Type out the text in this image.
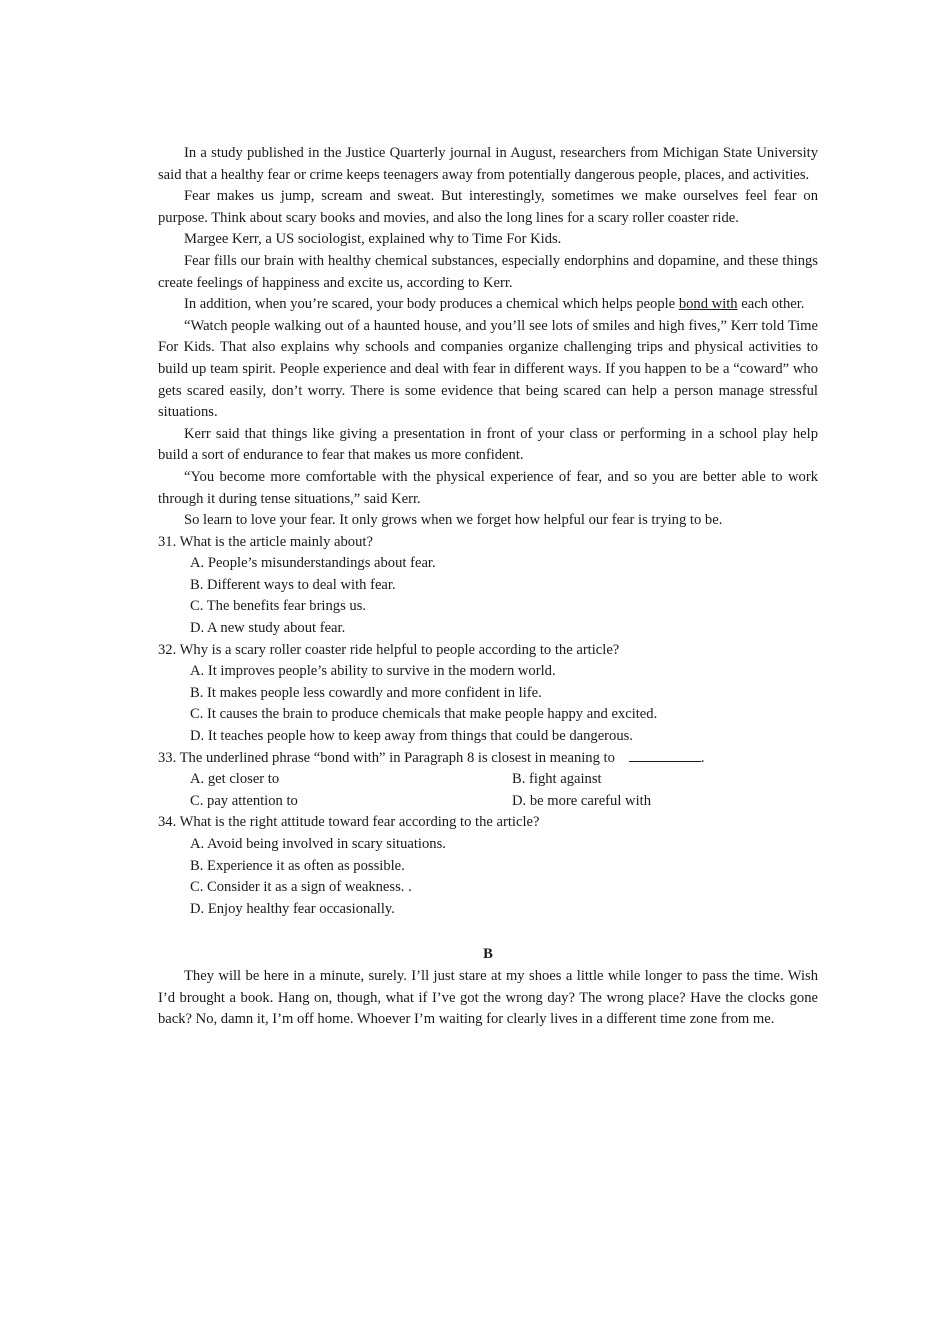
In a study published in the Justice Quarterly journal in August, researchers from Michigan State University said that a healthy fear or crime keeps teenagers away from potentially dangerous people, places, and activities.

Fear makes us jump, scream and sweat. But interestingly, sometimes we make ourselves feel fear on purpose. Think about scary books and movies, and also the long lines for a scary roller coaster ride.

Margee Kerr, a US sociologist, explained why to Time For Kids.

Fear fills our brain with healthy chemical substances, especially endorphins and dopamine, and these things create feelings of happiness and excite us, according to Kerr.

In addition, when you’re scared, your body produces a chemical which helps people bond with each other.

“Watch people walking out of a haunted house, and you’ll see lots of smiles and high fives,” Kerr told Time For Kids. That also explains why schools and companies organize challenging trips and physical activities to build up team spirit. People experience and deal with fear in different ways. If you happen to be a “coward” who gets scared easily, don’t worry. There is some evidence that being scared can help a person manage stressful situations.

Kerr said that things like giving a presentation in front of your class or performing in a school play help build a sort of endurance to fear that makes us more confident.

“You become more comfortable with the physical experience of fear, and so you are better able to work through it during tense situations,” said Kerr.

So learn to love your fear. It only grows when we forget how helpful our fear is trying to be.

31. What is the article mainly about?

A. People’s misunderstandings about fear.

B. Different ways to deal with fear.

C. The benefits fear brings us.

D. A new study about fear.

32. Why is a scary roller coaster ride helpful to people according to the article?

A. It improves people’s ability to survive in the modern world.

B. It makes people less cowardly and more confident in life.

C. It causes the brain to produce chemicals that make people happy and excited.

D. It teaches people how to keep away from things that could be dangerous.

33. The underlined phrase “bond with” in Paragraph 8 is closest in meaning to	.

A. get closer to	B. fight against
C. pay attention to	D. be more careful with

34. What is the right attitude toward fear according to the article?

A. Avoid being involved in scary situations.

B. Experience it as often as possible.

C. Consider it as a sign of weakness. .

D. Enjoy healthy fear occasionally.

B

They will be here in a minute, surely. I’ll just stare at my shoes a little while longer to pass the time. Wish I’d brought a book. Hang on, though, what if I’ve got the wrong day? The wrong place? Have the clocks gone back? No, damn it, I’m off home. Whoever I’m waiting for clearly lives in a different time zone from me.
